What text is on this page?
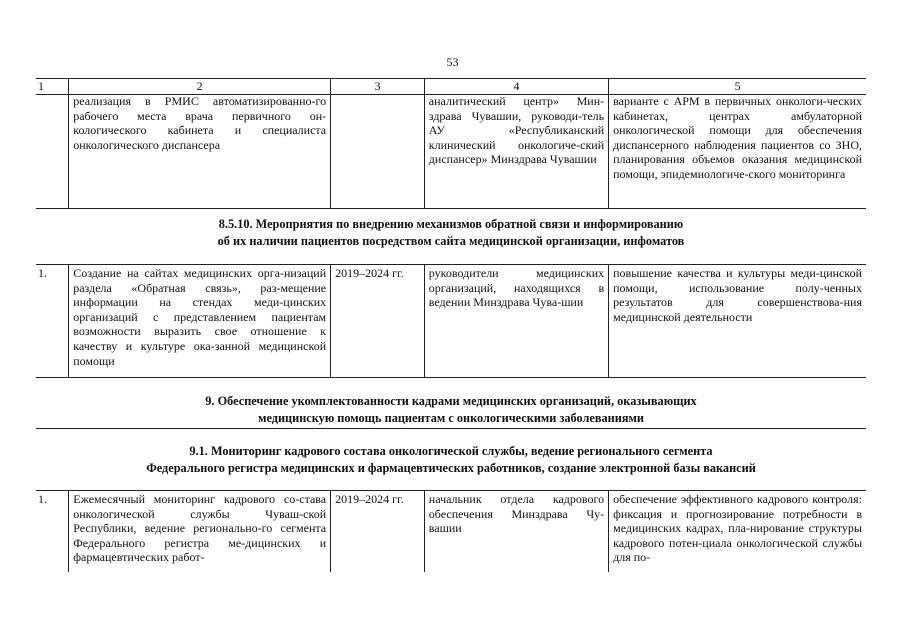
53
1	2	3	4	5
	реализация в РМИС автоматизированно-го рабочего места врача первичного он-кологического кабинета и специалиста онкологического диспансера		аналитический центр» Мин-здрава Чувашии, руководи-тель АУ «Республиканский клинический онкологиче-ский диспансер» Минздрава Чувашии	варианте с АРМ в первичных онкологи-ческих кабинетах, центрах амбулаторной онкологической помощи для обеспечения диспансерного наблюдения пациентов со ЗНО, планирования объемов оказания медицинской помощи, эпидемиологиче-ского мониторинга
8.5.10. Мероприятия по внедрению механизмов обратной связи и информированию
об их наличии пациентов посредством сайта медицинской организации, инфоматов
1.	Создание на сайтах медицинских орга-низаций раздела «Обратная связь», раз-мещение информации на стендах меди-цинских организаций с представлением пациентам возможности выразить свое отношение к качеству и культуре ока-занной медицинской помощи	2019–2024 гг.	руководители медицинских организаций, находящихся в ведении Минздрава Чува-шии	повышение качества и культуры меди-цинской помощи, использование полу-ченных результатов для совершенствова-ния медицинской деятельности
9. Обеспечение укомплектованности кадрами медицинских организаций, оказывающих
медицинскую помощь пациентам с онкологическими заболеваниями
9.1. Мониторинг кадрового состава онкологической службы, ведение регионального сегмента
Федерального регистра медицинских и фармацевтических работников, создание электронной базы вакансий
1.	Ежемесячный мониторинг кадрового со-става онкологической службы Чуваш-ской Республики, ведение регионально-го сегмента Федерального регистра ме-дицинских и фармацевтических работ-	2019–2024 гг.	начальник отдела кадрового обеспечения Минздрава Чу-вашии	обеспечение эффективного кадрового контроля: фиксация и прогнозирование потребности в медицинских кадрах, пла-нирование структуры кадрового потен-циала онкологической службы для по-
